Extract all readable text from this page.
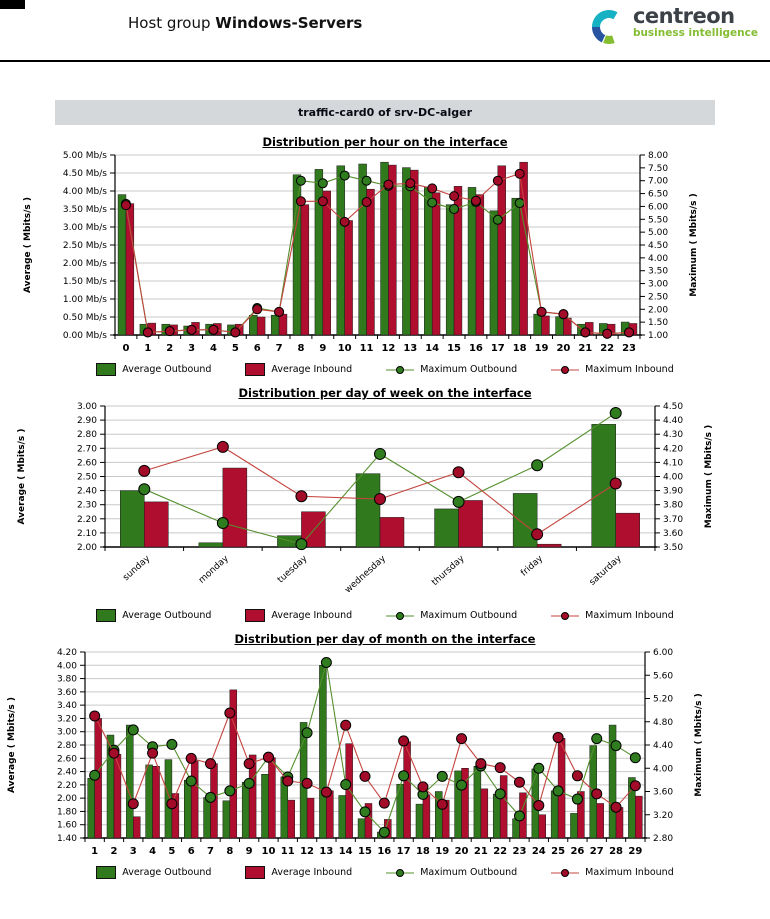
Host group Windows-Servers	centreon
business intelligence
traffic-card0 of srv-DC-alger
Distribution per hour on the interface
5.00 Mb/s
4.50 Mb/s
4.00 Mb/s
3.50 Mb/s
3.00 Mb/s
2.50 Mb/s
2.00 Mb/s
1.50 Mb/s
1.00 Mb/s
0.50 Mb/s
0.00 Mb/s
8.00
7.50
7.00
6.50
6.00
5.50
5.00
4.50
4.00
3.50
3.00
2.50
2.00
1.50
1.00
0 1 2 3 4 5 6 7 8 9 10 11 12 13 14 15 16 17 18 19 20 21 22 23
Average ( Mbits/s )	Maximum ( Mbits/s )
Average Outbound	Average Inbound	Maximum Outbound	Maximum Inbound
Distribution per day of week on the interface
3.00
2.90
2.80
2.70
2.60
2.50
2.40
2.30
2.20
2.10
2.00
4.50
4.40
4.30
4.20
4.10
4.00
3.90
3.80
3.70
3.60
3.50
sunday	monday	tuesday	wednesday	thursday	friday	saturday
Average ( Mbits/s )	Maximum ( Mbits/s )
Average Outbound	Average Inbound	Maximum Outbound	Maximum Inbound
Distribution per day of month on the interface
4.20
4.00
3.80
3.60
3.40
3.20
3.00
2.80
2.60
2.40
2.20
2.00
1.80
1.60
1.40
6.00
5.60
5.20
4.80
4.40
4.00
3.60
3.20
2.80
1 2 3 4 5 6 7 8 9 10 11 12 13 14 15 16 17 18 19 20 21 22 23 24 25 26 27 28 29
Average ( Mbits/s )	Maximum ( Mbits/s )
Average Outbound	Average Inbound	Maximum Outbound	Maximum Inbound
